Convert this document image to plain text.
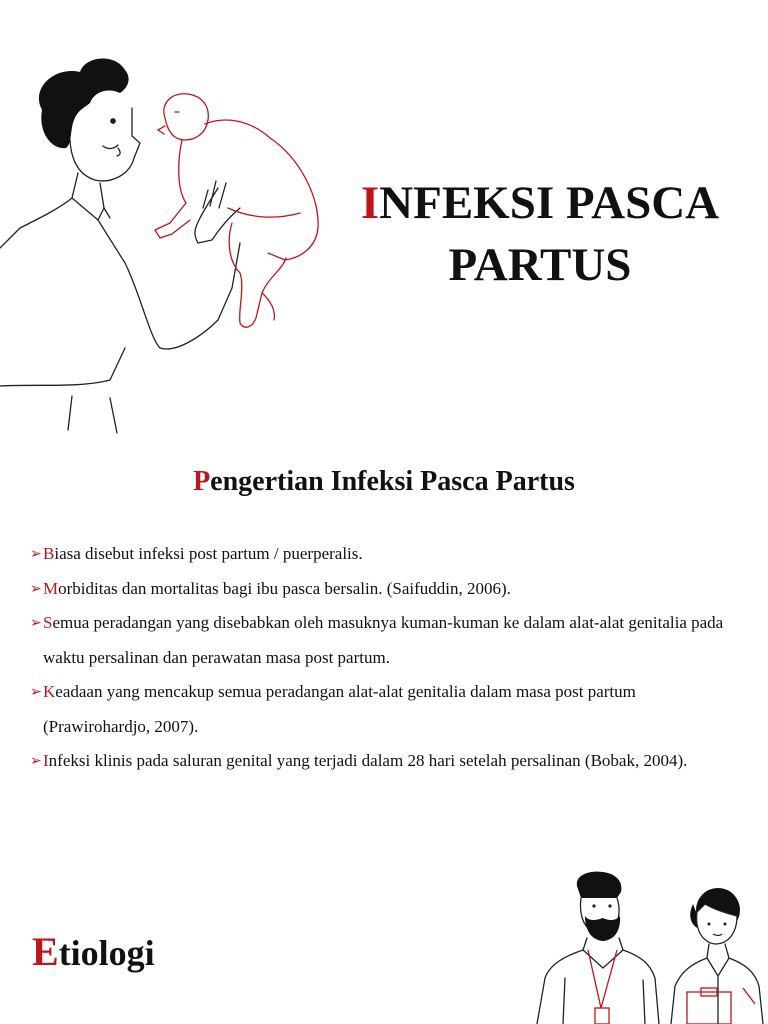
INFEKSI PASCA PARTUS
Pengertian Infeksi Pasca Partus
➢ Biasa disebut infeksi post partum / puerperalis.
➢ Morbiditas dan mortalitas bagi ibu pasca bersalin. (Saifuddin, 2006).
➢ Semua peradangan yang disebabkan oleh masuknya kuman-kuman ke dalam alat-alat genitalia pada waktu persalinan dan perawatan masa post partum.
➢ Keadaan yang mencakup semua peradangan alat-alat genitalia dalam masa post partum (Prawirohardjo, 2007).
➢ Infeksi klinis pada saluran genital yang terjadi dalam 28 hari setelah persalinan (Bobak, 2004).
Etiologi
